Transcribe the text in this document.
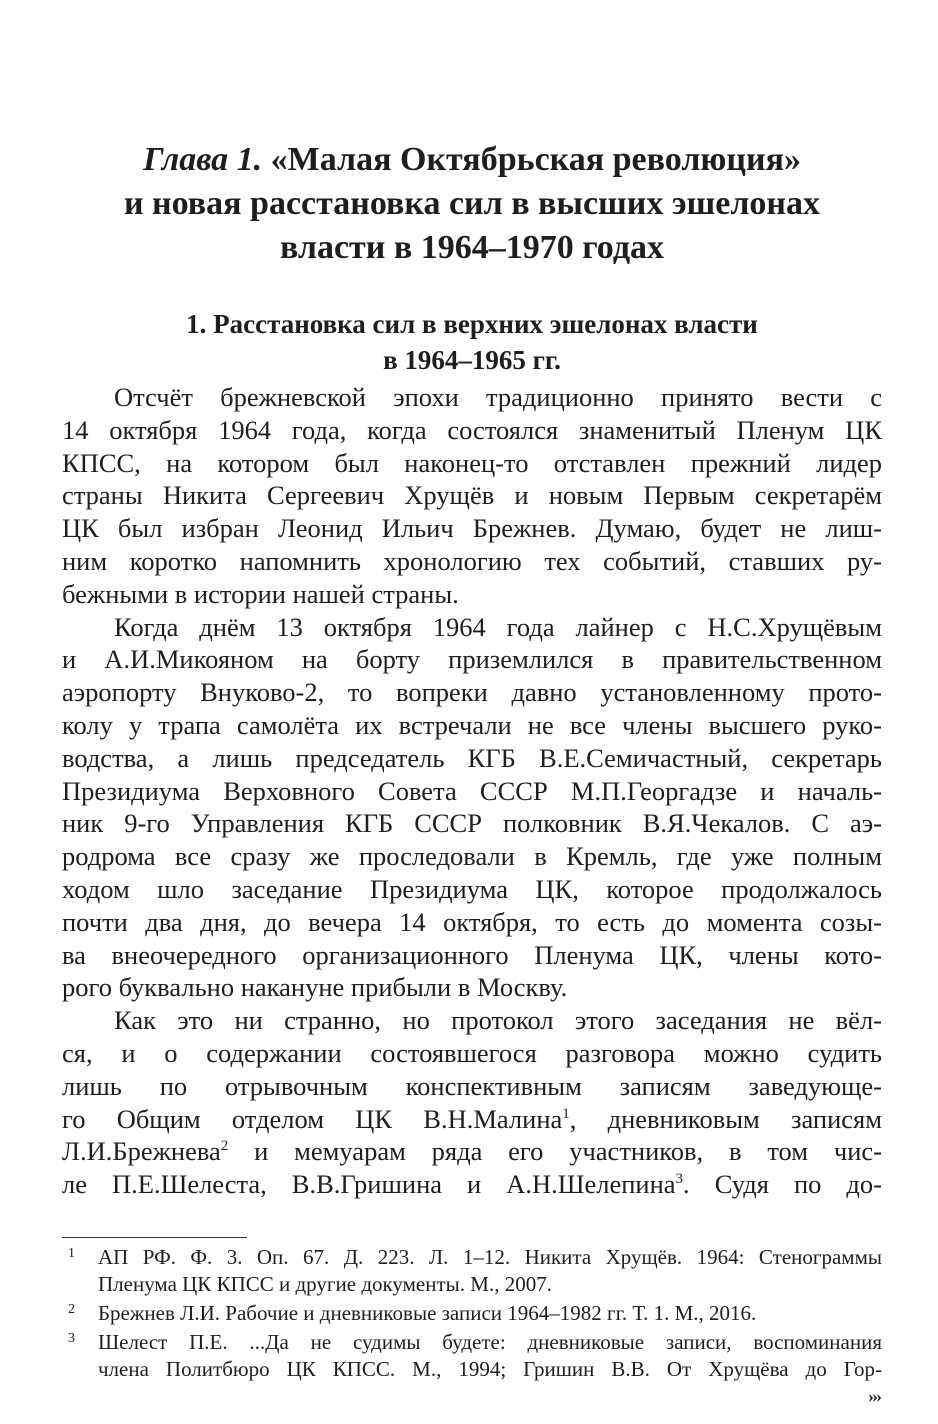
Глава 1. «Малая Октябрьская революция»
и новая расстановка сил в высших эшелонах
власти в 1964–1970 годах
1. Расстановка сил в верхних эшелонах власти
в 1964–1965 гг.
Отсчёт брежневской эпохи традиционно принято вести с
14 октября 1964 года, когда состоялся знаменитый Пленум ЦК
КПСС, на котором был наконец-то отставлен прежний лидер
страны Никита Сергеевич Хрущёв и новым Первым секретарём
ЦК был избран Леонид Ильич Брежнев. Думаю, будет не лиш-
ним коротко напомнить хронологию тех событий, ставших ру-
бежными в истории нашей страны.
Когда днём 13 октября 1964 года лайнер с Н.С.Хрущёвым
и А.И.Микояном на борту приземлился в правительственном
аэропорту Внуково-2, то вопреки давно установленному прото-
колу у трапа самолёта их встречали не все члены высшего руко-
водства, а лишь председатель КГБ В.Е.Семичастный, секретарь
Президиума Верховного Совета СССР М.П.Георгадзе и началь-
ник 9-го Управления КГБ СССР полковник В.Я.Чекалов. С аэ-
родрома все сразу же проследовали в Кремль, где уже полным
ходом шло заседание Президиума ЦК, которое продолжалось
почти два дня, до вечера 14 октября, то есть до момента созы-
ва внеочередного организационного Пленума ЦК, члены кото-
рого буквально накануне прибыли в Москву.
Как это ни странно, но протокол этого заседания не вёл-
ся, и о содержании состоявшегося разговора можно судить
лишь по отрывочным конспективным записям заведующе-
го Общим отделом ЦК В.Н.Малина$^1$, дневниковым записям
Л.И.Брежнева$^2$ и мемуарам ряда его участников, в том чис-
ле П.Е.Шелеста, В.В.Гришина и А.Н.Шелепина$^3$. Судя по до-
1 АП РФ. Ф. 3. Оп. 67. Д. 223. Л. 1–12. Никита Хрущёв. 1964: Стенограммы
Пленума ЦК КПСС и другие документы. М., 2007.
2 Брежнев Л.И. Рабочие и дневниковые записи 1964–1982 гг. Т. 1. М., 2016.
3 Шелест П.Е. ...Да не судимы будете: дневниковые записи, воспоминания
члена Политбюро ЦК КПСС. М., 1994; Гришин В.В. От Хрущёва до Гор-
›››
